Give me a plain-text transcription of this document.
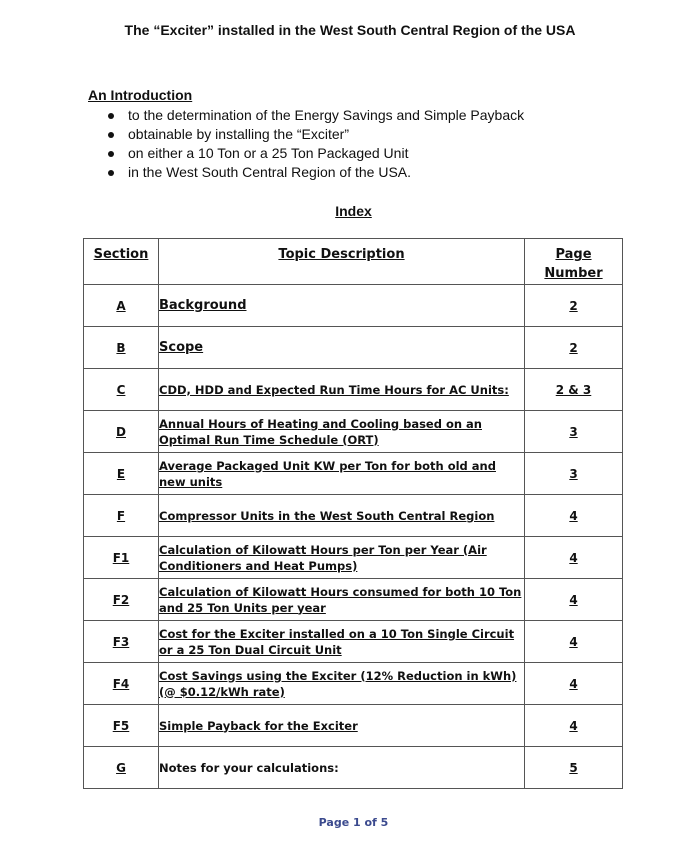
The “Exciter” installed in the West South Central Region of the USA
An Introduction
to the determination of the Energy Savings and Simple Payback
obtainable by installing the “Exciter”
on either a 10 Ton or a 25 Ton Packaged Unit
in the West South Central Region of the USA.
Index
Section	Topic Description	Page Number
A	Background	2
B	Scope	2
C	CDD, HDD and Expected Run Time Hours for AC Units:	2 & 3
D	Annual Hours of Heating and Cooling based on an Optimal Run Time Schedule (ORT)	3
E	Average Packaged Unit KW per Ton for both old and new units	3
F	Compressor Units in the West South Central Region	4
F1	Calculation of Kilowatt Hours per Ton per Year (Air Conditioners and Heat Pumps)	4
F2	Calculation of Kilowatt Hours consumed for both 10 Ton and 25 Ton Units per year	4
F3	Cost for the Exciter installed on a 10 Ton Single Circuit or a 25 Ton Dual Circuit Unit	4
F4	Cost Savings using the Exciter (12% Reduction in kWh) (@ $0.12/kWh rate)	4
F5	Simple Payback for the Exciter	4
G	Notes for your calculations:	5
Page 1 of 5
